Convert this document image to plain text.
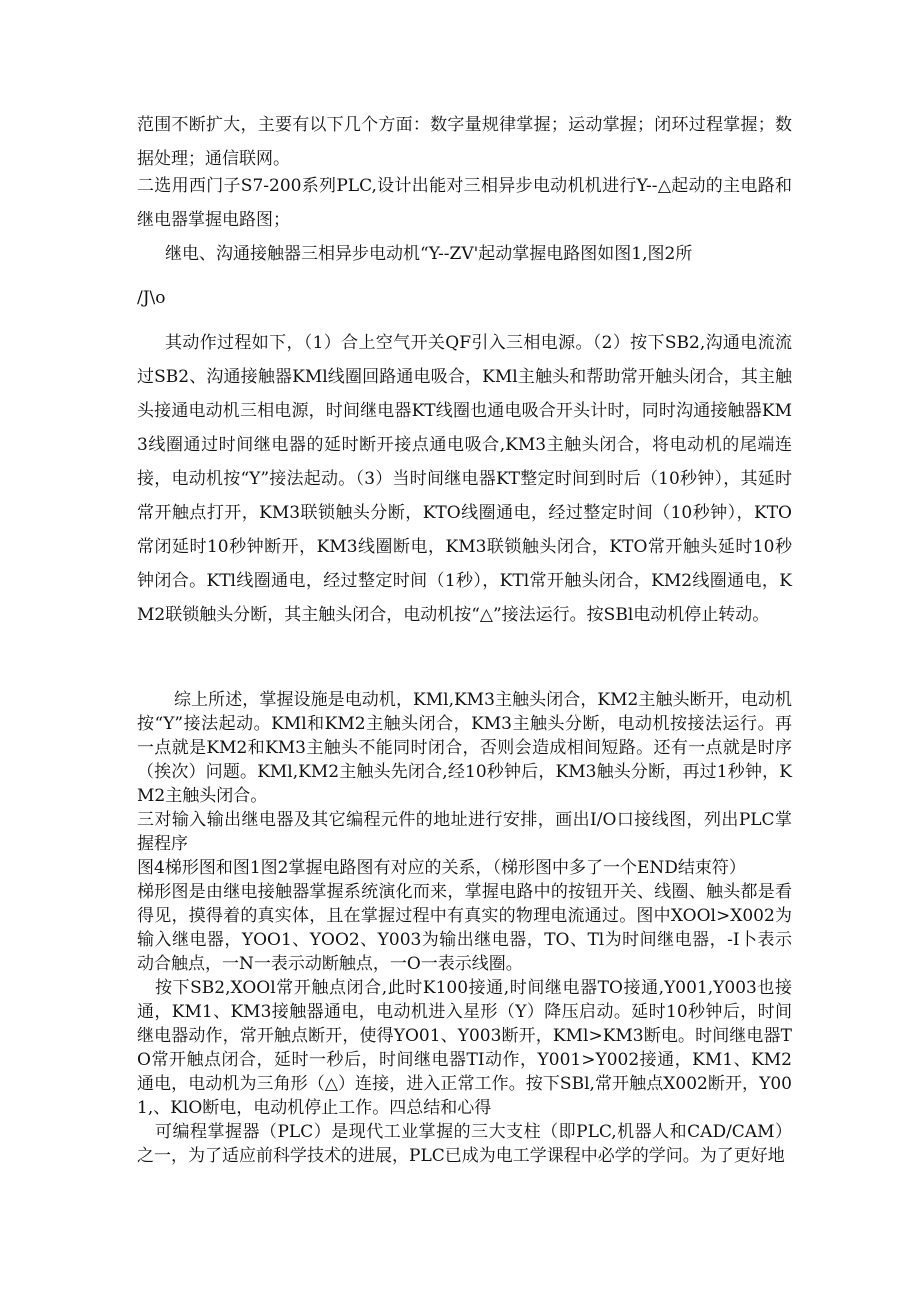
范围不断扩大，主要有以下几个方面：数字量规律掌握；运动掌握；闭环过程掌握；数据处理；通信联网。

二选用西门子S7-200系列PLC,设计出能对三相异步电动机机进行Y--△起动的主电路和继电器掌握电路图；

继电、沟通接触器三相异步电动机“Y--ZV'起动掌握电路图如图1,图2所

/J\o

其动作过程如下，（1）合上空气开关QF引入三相电源。（2）按下SB2,沟通电流流过SB2、沟通接触器KMl线圈回路通电吸合，KMl主触头和帮助常开触头闭合，其主触头接通电动机三相电源，时间继电器KT线圈也通电吸合开头计时，同时沟通接触器KM3线圈通过时间继电器的延时断开接点通电吸合,KM3主触头闭合，将电动机的尾端连接，电动机按“Y”接法起动。（3）当时间继电器KT整定时间到时后（10秒钟），其延时常开触点打开，KM3联锁触头分断，KTO线圈通电，经过整定时间（10秒钟），KTO常闭延时10秒钟断开，KM3线圈断电，KM3联锁触头闭合，KTO常开触头延时10秒钟闭合。KTl线圈通电，经过整定时间（1秒），KTl常开触头闭合，KM2线圈通电，KM2联锁触头分断，其主触头闭合，电动机按“△”接法运行。按SBl电动机停止转动。

综上所述，掌握设施是电动机，KMl,KM3主触头闭合，KM2主触头断开，电动机按“Y”接法起动。KMl和KM2主触头闭合，KM3主触头分断，电动机按接法运行。再一点就是KM2和KM3主触头不能同时闭合，否则会造成相间短路。还有一点就是时序（挨次）问题。KMl,KM2主触头先闭合,经10秒钟后，KM3触头分断，再过1秒钟，KM2主触头闭合。

三对输入输出继电器及其它编程元件的地址进行安排，画出I/O口接线图，列出PLC掌握程序

图4梯形图和图1图2掌握电路图有对应的关系，（梯形图中多了一个END结束符）

梯形图是由继电接触器掌握系统演化而来，掌握电路中的按钮开关、线圈、触头都是看得见，摸得着的真实体，且在掌握过程中有真实的物理电流通过。图中XOOl>X002为输入继电器，YOO1、YOO2、Y003为输出继电器，TO、Tl为时间继电器，-I卜表示动合触点，一N一表示动断触点，一O一表示线圈。

按下SB2,XOOl常开触点闭合,此时K100接通,时间继电器TO接通,Y001,Y003也接通，KM1、KM3接触器通电，电动机进入星形（Y）降压启动。延时10秒钟后，时间继电器动作，常开触点断开，使得YO01、Y003断开，KMl>KM3断电。时间继电器TO常开触点闭合，延时一秒后，时间继电器TI动作，Y001>Y002接通，KM1、KM2通电，电动机为三角形（△）连接，进入正常工作。按下SBl,常开触点X002断开，Y001,、KlO断电，电动机停止工作。四总结和心得

可编程掌握器（PLC）是现代工业掌握的三大支柱（即PLC,机器人和CAD/CAM）之一，为了适应前科学技术的进展，PLC已成为电工学课程中必学的学问。为了更好地
